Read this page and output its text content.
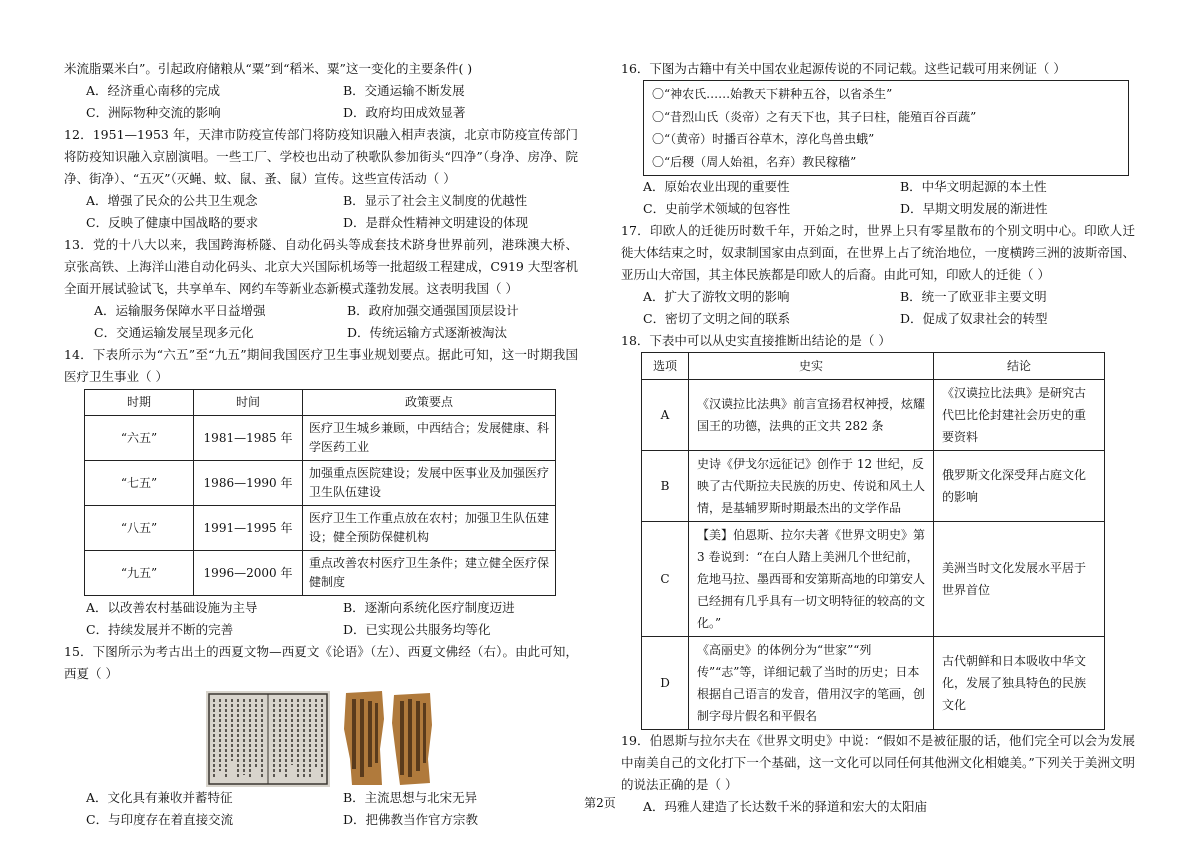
米流脂粟米白”。引起政府储粮从“粟”到“稻米、粟”这一变化的主要条件( )

A．经济重心南移的完成	B．交通运输不断发展
C．洲际物种交流的影响	D．政府均田成效显著

12．1951—1953 年，天津市防疫宣传部门将防疫知识融入相声表演，北京市防疫宣传部门将防疫知识融入京剧演唱。一些工厂、学校也出动了秧歌队参加街头“四净”（身净、房净、院净、街净）、“五灭”（灭蝇、蚊、鼠、蚤、鼠）宣传。这些宣传活动（ ）

A．增强了民众的公共卫生观念	B．显示了社会主义制度的优越性
C．反映了健康中国战略的要求	D．是群众性精神文明建设的体现

13．党的十八大以来，我国跨海桥隧、自动化码头等成套技术跻身世界前列，港珠澳大桥、京张高铁、上海洋山港自动化码头、北京大兴国际机场等一批超级工程建成，C919 大型客机全面开展试验试飞，共享单车、网约车等新业态新模式蓬勃发展。这表明我国（ ）

A．运输服务保障水平日益增强	B．政府加强交通强国顶层设计
C．交通运输发展呈现多元化	D．传统运输方式逐渐被淘汰

14．下表所示为“六五”至“九五”期间我国医疗卫生事业规划要点。据此可知，这一时期我国医疗卫生事业（ ）

时期	时间	政策要点
“六五”	1981—1985 年	医疗卫生城乡兼顾，中西结合；发展健康、科学医药工业
“七五”	1986—1990 年	加强重点医院建设；发展中医事业及加强医疗卫生队伍建设
“八五”	1991—1995 年	医疗卫生工作重点放在农村；加强卫生队伍建设；健全预防保健机构
“九五”	1996—2000 年	重点改善农村医疗卫生条件；建立健全医疗保健制度
A．以改善农村基础设施为主导	B．逐渐向系统化医疗制度迈进
C．持续发展并不断的完善	D．已实现公共服务均等化

15．下图所示为考古出土的西夏文物—西夏文《论语》（左）、西夏文佛经（右）。由此可知，西夏（ ）

A．文化具有兼收并蓄特征	B．主流思想与北宋无异
C．与印度存在着直接交流	D．把佛教当作官方宗教

16．下图为古籍中有关中国农业起源传说的不同记载。这些记载可用来例证（ ）

〇“神农氏……始教天下耕种五谷，以省杀生”
〇“昔烈山氏（炎帝）之有天下也，其子曰柱，能殖百谷百蔬”
〇“（黄帝）时播百谷草木，淳化鸟兽虫蛾”
〇“后稷（周人始祖，名弃）教民稼穑”
A．原始农业出现的重要性	B．中华文明起源的本土性
C．史前学术领域的包容性	D．早期文明发展的渐进性

17．印欧人的迁徙历时数千年，开始之时，世界上只有零星散布的个别文明中心。印欧人迁徙大体结束之时，奴隶制国家由点到面，在世界上占了统治地位，一度横跨三洲的波斯帝国、亚历山大帝国，其主体民族都是印欧人的后裔。由此可知，印欧人的迁徙（ ）

A．扩大了游牧文明的影响	B．统一了欧亚非主要文明
C．密切了文明之间的联系	D．促成了奴隶社会的转型

18．下表中可以从史实直接推断出结论的是（ ）

选项	史实	结论
A	《汉谟拉比法典》前言宣扬君权神授，炫耀国王的功德，法典的正文共 282 条	《汉谟拉比法典》是研究古代巴比伦封建社会历史的重要资料
B	史诗《伊戈尔远征记》创作于 12 世纪，反映了古代斯拉夫民族的历史、传说和风土人情，是基辅罗斯时期最杰出的文学作品	俄罗斯文化深受拜占庭文化的影响
C	【美】伯恩斯、拉尔夫著《世界文明史》第 3 卷说到：“在白人踏上美洲几个世纪前，危地马拉、墨西哥和安第斯高地的印第安人已经拥有几乎具有一切文明特征的较高的文化。”	美洲当时文化发展水平居于世界首位
D	《高丽史》的体例分为“世家”“列传”“志”等，详细记载了当时的历史；日本根据自己语言的发音，借用汉字的笔画，创制字母片假名和平假名	古代朝鲜和日本吸收中华文化，发展了独具特色的民族文化

19．伯恩斯与拉尔夫在《世界文明史》中说：“假如不是被征服的话，他们完全可以会为发展中南美自己的文化打下一个基础，这一文化可以同任何其他洲文化相媲美。”下列关于美洲文明的说法正确的是（ ）

A．玛雅人建造了长达数千米的驿道和宏大的太阳庙
第2页
